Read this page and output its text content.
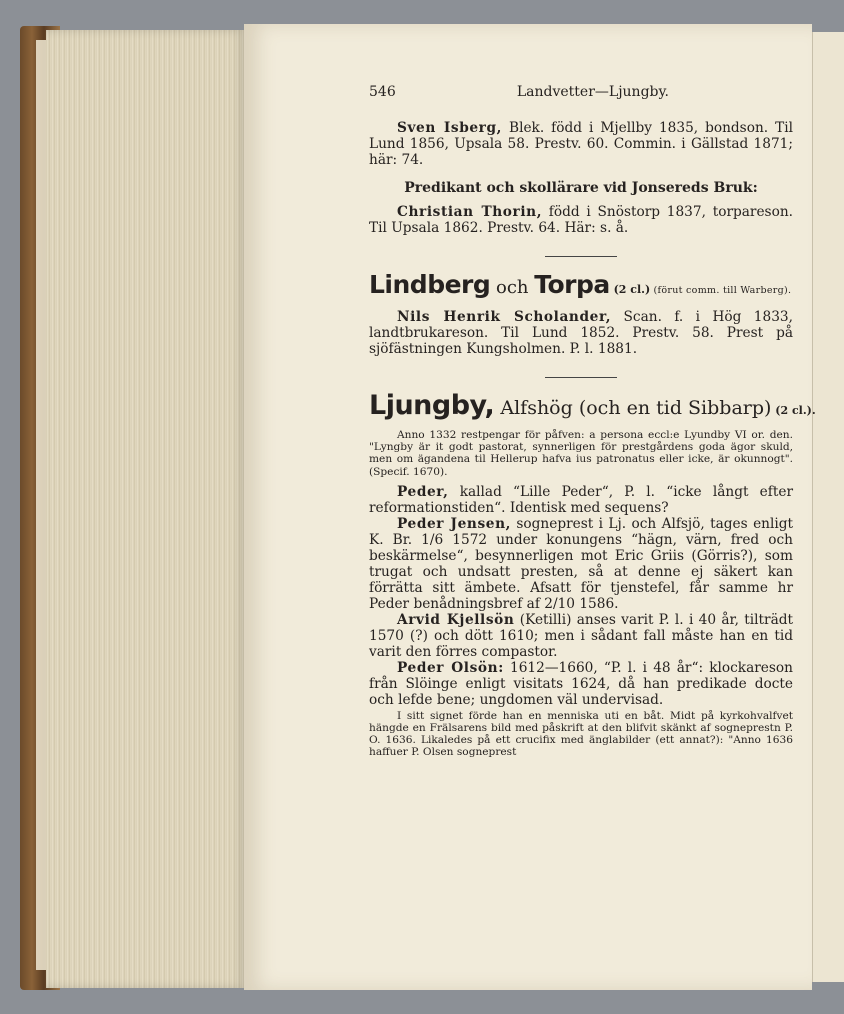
546	Landvetter—Ljungby.

Sven Isberg, Blek. född i Mjellby 1835, bondson. Til Lund 1856, Upsala 58. Prestv. 60. Commin. i Gällstad 1871; här: 74.

Predikant och skollärare vid Jonsereds Bruk:

Christian Thorin, född i Snöstorp 1837, torpareson. Til Upsala 1862. Prestv. 64. Här: s. å.

Lindberg och Torpa (2 cl.) (förut comm. till Warberg).

Nils Henrik Scholander, Scan. f. i Hög 1833, landtbrukareson. Til Lund 1852. Prestv. 58. Prest på sjöfästningen Kungsholmen. P. l. 1881.

Ljungby, Alfshög (och en tid Sibbarp) (2 cl.).

Anno 1332 restpengar för påfven: a persona eccl:e Lyundby VI or. den. "Lyngby är it godt pastorat, synnerligen för prestgårdens goda ägor skuld, men om ägandena til Hellerup hafva ius patronatus eller icke, är okunnogt". (Specif. 1670).

Peder, kallad “Lille Peder“, P. l. “icke långt efter reformationstiden“. Identisk med sequens?

Peder Jensen, sogneprest i Lj. och Alfsjö, tages enligt K. Br. 1/6 1572 under konungens “hägn, värn, fred och beskärmelse“, besynnerligen mot Eric Griis (Görris?), som trugat och undsatt presten, så at denne ej säkert kan förrätta sitt ämbete. Afsatt för tjenstefel, får samme hr Peder benådningsbref af 2/10 1586.

Arvid Kjellsön (Ketilli) anses varit P. l. i 40 år, tilträdt 1570 (?) och dött 1610; men i sådant fall måste han en tid varit den förres compastor.

Peder Olsön: 1612—1660, “P. l. i 48 år“: klockareson från Slöinge enligt visitats 1624, då han predikade docte och lefde bene; ungdomen väl undervisad.

I sitt signet förde han en menniska uti en båt. Midt på kyrkohvalfvet hängde en Frälsarens bild med påskrift at den blifvit skänkt af sogneprestn P. O. 1636. Likaledes på ett crucifix med änglabilder (ett annat?): "Anno 1636 haffuer P. Olsen sogneprest
